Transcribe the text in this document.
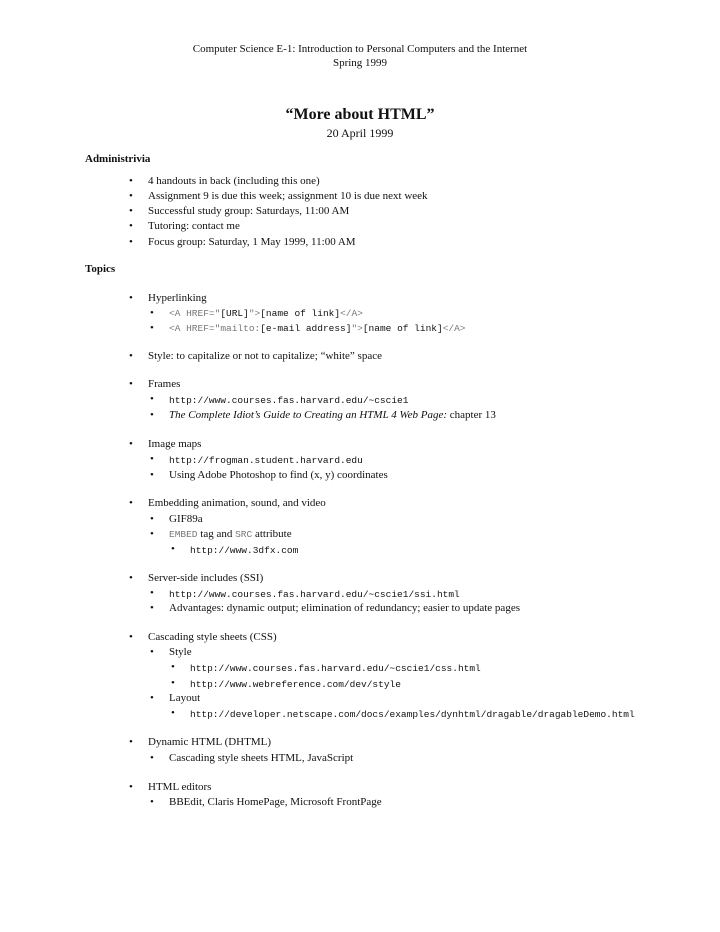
Computer Science E-1: Introduction to Personal Computers and the Internet
Spring 1999
“More about HTML”
20 April 1999
Administrivia
• 4 handouts in back (including this one)
• Assignment 9 is due this week; assignment 10 is due next week
• Successful study group: Saturdays, 11:00 AM
• Tutoring: contact me
• Focus group: Saturday, 1 May 1999, 11:00 AM
Topics
• Hyperlinking
• <A HREF="[URL]">[name of link]</A>
• <A HREF="mailto:[e-mail address]">[name of link]</A>
• Style: to capitalize or not to capitalize; “white” space
• Frames
• http://www.courses.fas.harvard.edu/~cscie1
• The Complete Idiot’s Guide to Creating an HTML 4 Web Page: chapter 13
• Image maps
• http://frogman.student.harvard.edu
• Using Adobe Photoshop to find (x, y) coordinates
• Embedding animation, sound, and video
• GIF89a
• EMBED tag and SRC attribute
• http://www.3dfx.com
• Server-side includes (SSI)
• http://www.courses.fas.harvard.edu/~cscie1/ssi.html
• Advantages: dynamic output; elimination of redundancy; easier to update pages
• Cascading style sheets (CSS)
• Style
• http://www.courses.fas.harvard.edu/~cscie1/css.html
• http://www.webreference.com/dev/style
• Layout
• http://developer.netscape.com/docs/examples/dynhtml/dragable/dragableDemo.html
• Dynamic HTML (DHTML)
• Cascading style sheets HTML, JavaScript
• HTML editors
• BBEdit, Claris HomePage, Microsoft FrontPage
